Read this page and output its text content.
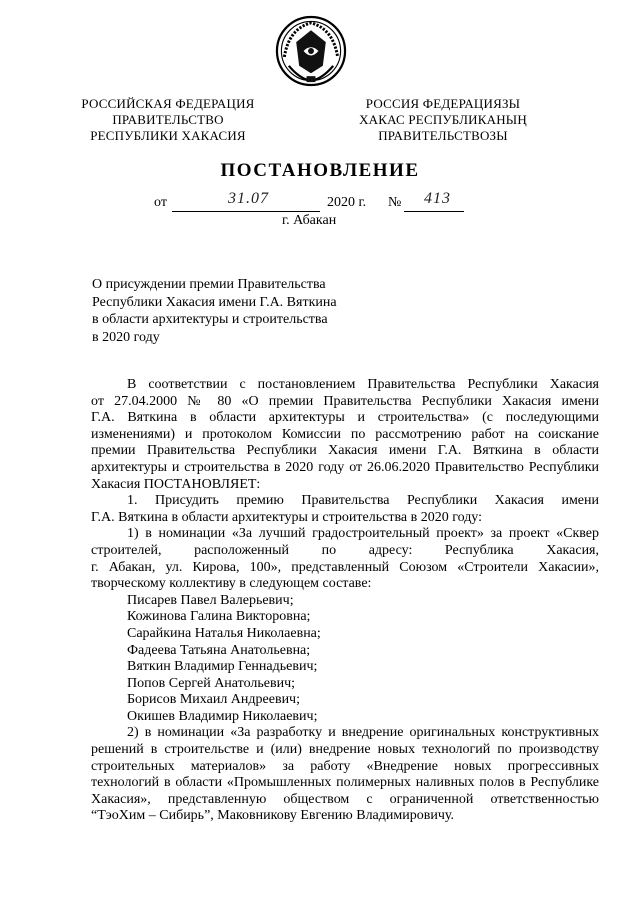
РОССИЙСКАЯ ФЕДЕРАЦИЯ
ПРАВИТЕЛЬСТВО
РЕСПУБЛИКИ ХАКАСИЯ
РОССИЯ ФЕДЕРАЦИЯЗЫ
ХАКАС РЕСПУБЛИКАНЫҢ
ПРАВИТЕЛЬСТВОЗЫ
ПОСТАНОВЛЕНИЕ
от	31.07	2020 г. № 413
г. Абакан
О присуждении премии Правительства
Республики Хакасия имени Г.А. Вяткина
в области архитектуры и строительства
в 2020 году
В соответствии с постановлением Правительства Республики Хакасия
от 27.04.2000 № 80 «О премии Правительства Республики Хакасия имени
Г.А. Вяткина в области архитектуры и строительства» (с последующими
изменениями) и протоколом Комиссии по рассмотрению работ на соискание
премии Правительства Республики Хакасия имени Г.А. Вяткина в области
архитектуры и строительства в 2020 году от 26.06.2020 Правительство Республики
Хакасия ПОСТАНОВЛЯЕТ:
1. Присудить премию Правительства Республики Хакасия имени
Г.А. Вяткина в области архитектуры и строительства в 2020 году:
1) в номинации «За лучший градостроительный проект» за проект «Сквер
строителей, расположенный по адресу: Республика Хакасия,
г. Абакан, ул. Кирова, 100», представленный Союзом «Строители Хакасии»,
творческому коллективу в следующем составе:
Писарев Павел Валерьевич;
Кожинова Галина Викторовна;
Сарайкина Наталья Николаевна;
Фадеева Татьяна Анатольевна;
Вяткин Владимир Геннадьевич;
Попов Сергей Анатольевич;
Борисов Михаил Андреевич;
Окишев Владимир Николаевич;
2) в номинации «За разработку и внедрение оригинальных конструктивных
решений в строительстве и (или) внедрение новых технологий по производству
строительных материалов» за работу «Внедрение новых прогрессивных
технологий в области «Промышленных полимерных наливных полов в Республике
Хакасия», представленную обществом с ограниченной ответственностью
“ТэоХим – Сибирь”, Маковникову Евгению Владимировичу.
